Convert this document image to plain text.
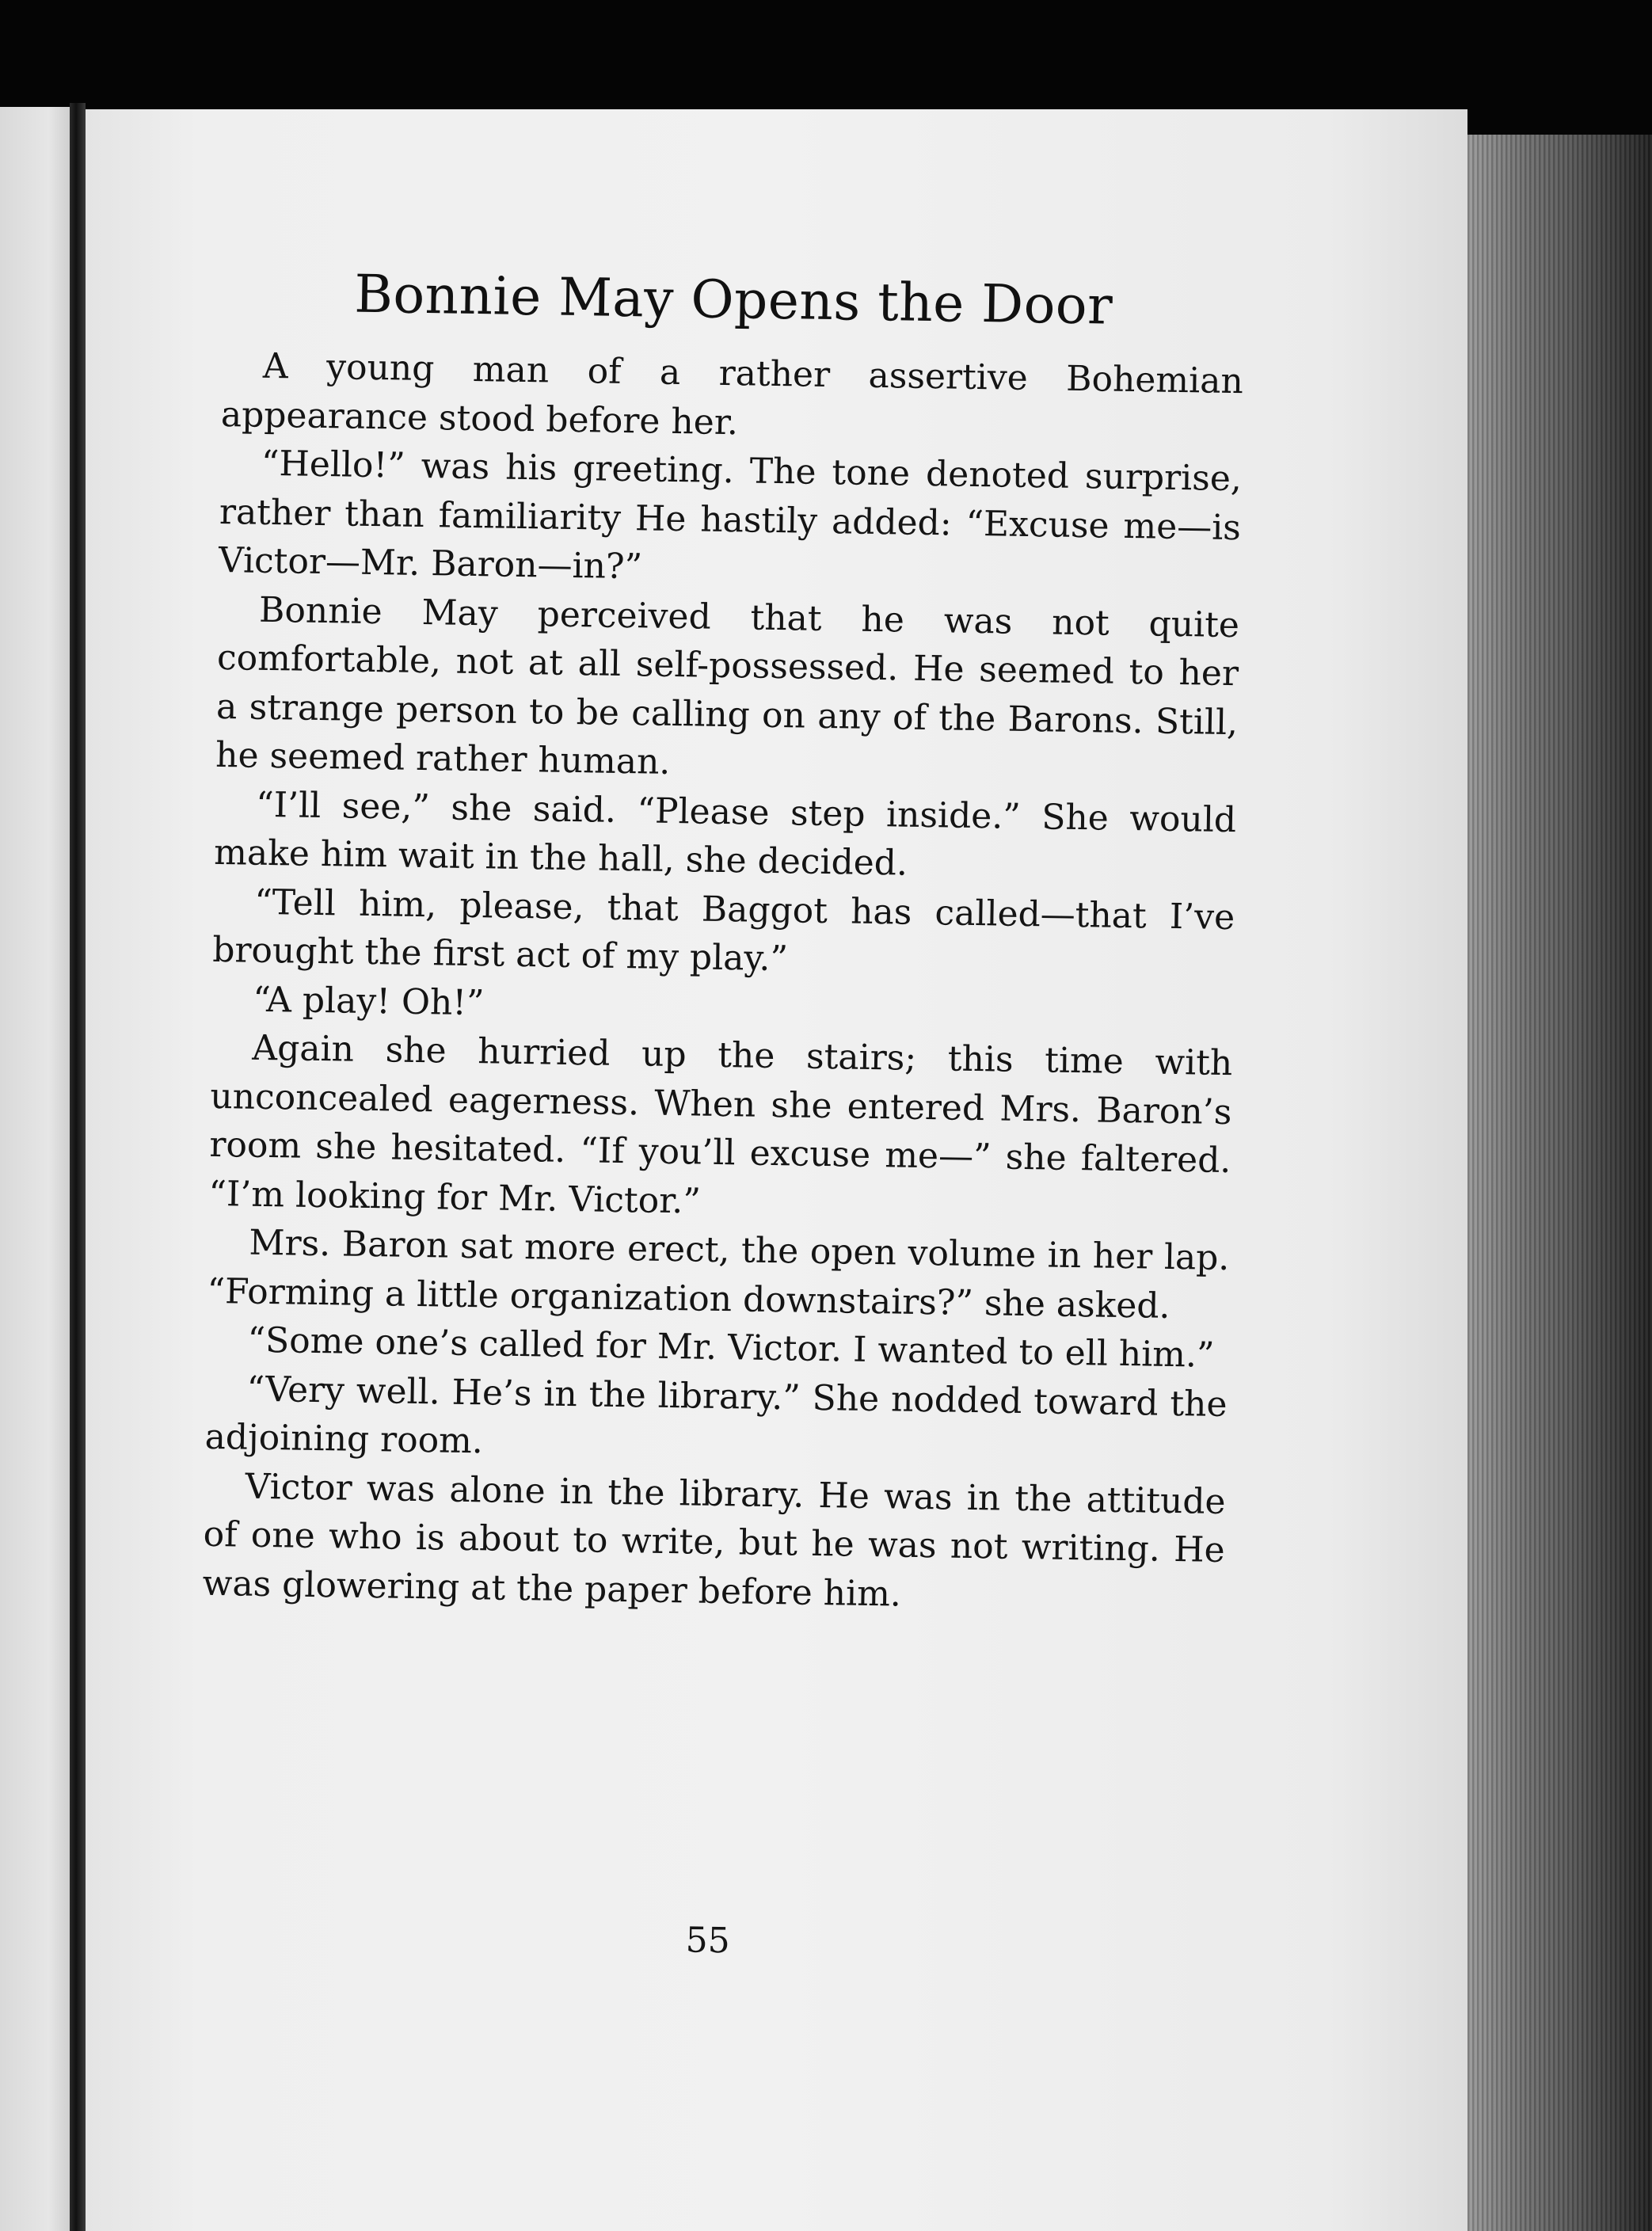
Bonnie May Opens the Door

A young man of a rather assertive Bohemian appearance stood before her.

“Hello!” was his greeting. The tone denoted surprise, rather than familiarity He hastily added: “Excuse me—is Victor—Mr. Baron—in?”

Bonnie May perceived that he was not quite comfortable, not at all self-possessed. He seemed to her a strange person to be calling on any of the Barons. Still, he seemed rather human.

“I’ll see,” she said. “Please step inside.” She would make him wait in the hall, she decided.

“Tell him, please, that Baggot has called—that I’ve brought the first act of my play.”

“A play! Oh!”

Again she hurried up the stairs; this time with unconcealed eagerness. When she entered Mrs. Baron’s room she hesitated. “If you’ll excuse me—” she faltered. “I’m looking for Mr. Victor.”

Mrs. Baron sat more erect, the open volume in her lap. “Forming a little organization downstairs?” she asked.

“Some one’s called for Mr. Victor. I wanted to ell him.”

“Very well. He’s in the library.” She nodded toward the adjoining room.

Victor was alone in the library. He was in the attitude of one who is about to write, but he was not writing. He was glowering at the paper before him.

55
